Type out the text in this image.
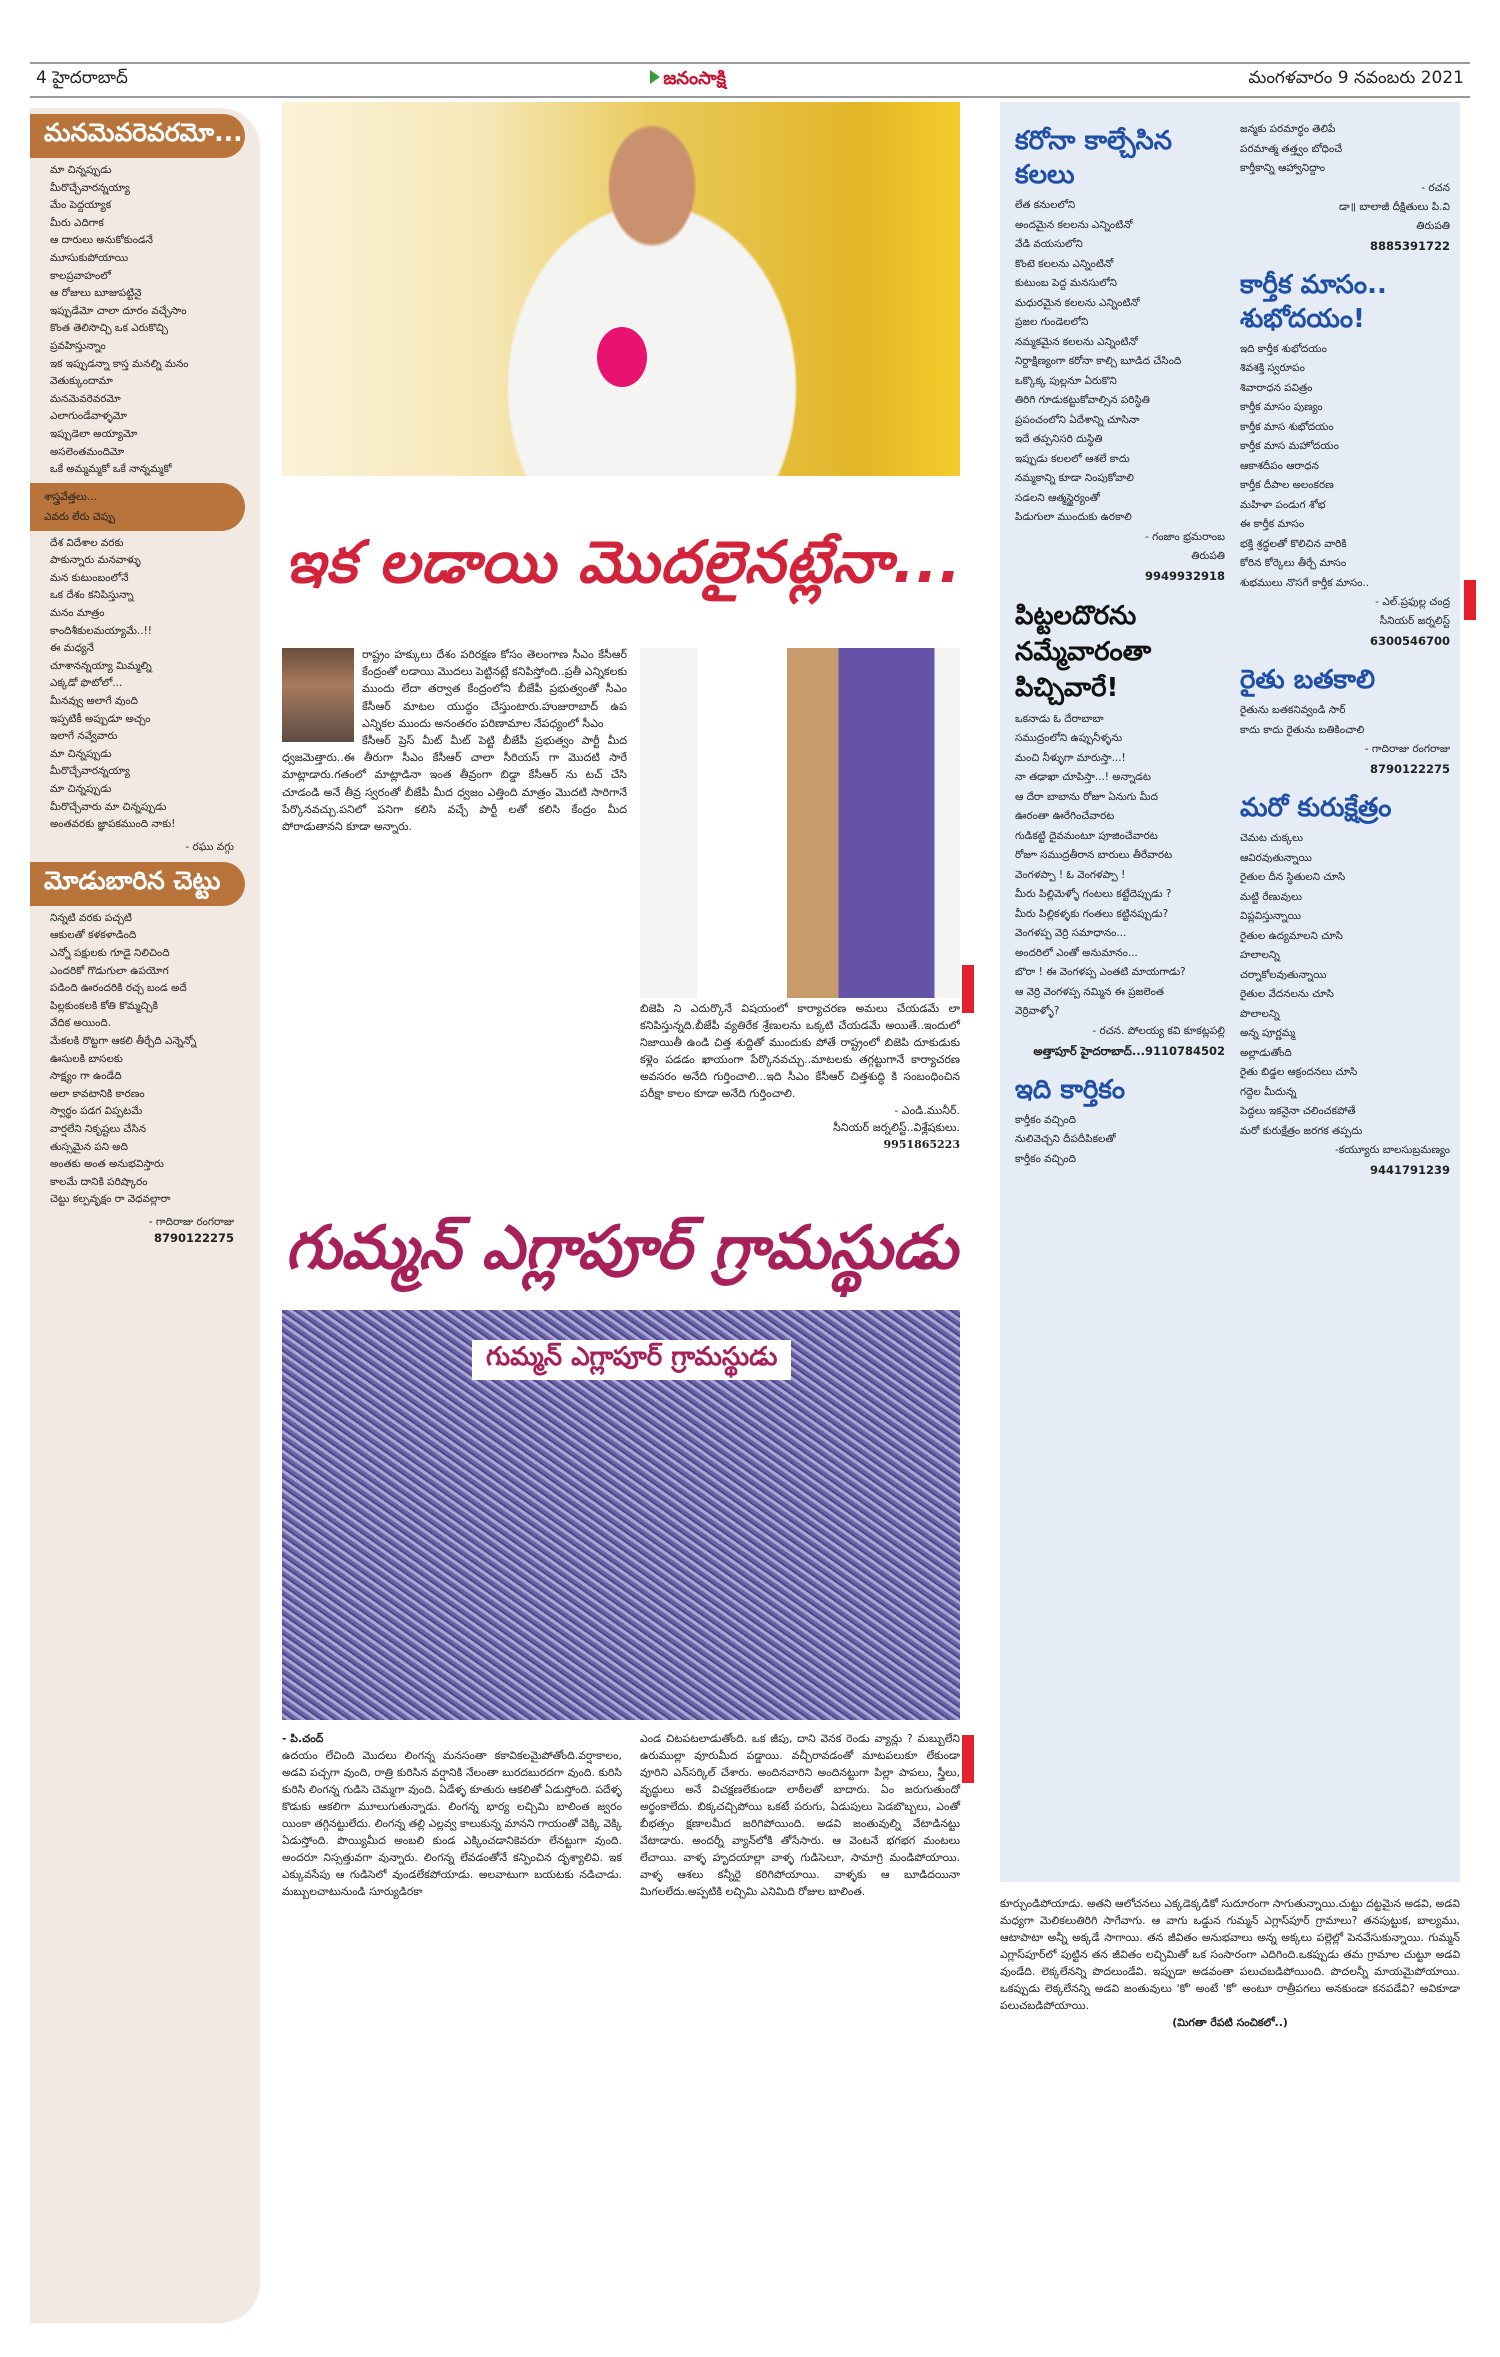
4 హైదరాబాద్	జనంసాక్షి	మంగళవారం 9 నవంబరు 2021
మనమెవరెవరమో...
మా చిన్నప్పుడు
మీరొచ్చేవారన్నయ్యా
మేం పెద్దయ్యాక
మీరు ఎదిగాక
ఆ దారులు అనుకోకుండనే
మూసుకుపోయాయి
కాలప్రవాహంలో
ఆ రోజులు బూజుపట్టినై
ఇప్పుడేమో చాలా దూరం వచ్చేసాం
కొంత తెలిసొచ్చి ఒక ఎరుకొచ్చి
ప్రవహిస్తున్నాం
ఇక ఇప్పుడన్నా కాస్త మనల్ని మనం
వెతుక్కుందామా
మనమెవరెవరమో
ఎలాగుండేవాళ్ళమో
ఇప్పుడెలా అయ్యామో
అసలెంతమందిమో
ఒకే అమ్మమ్మకో ఒకే నాన్నమ్మకో
శాస్త్రవేత్తలు...
ఎవరు లేరు చెప్పు
దేశ విదేశాల వరకు
పాకున్నారు మనవాళ్ళు
మన కుటుంబంలోనే
ఒక దేశం కనిపిస్తున్నా
మనం మాత్రం
కాందిశీకులమయ్యామే..!!
ఈ మధ్యనే
చూశానన్నయ్యా మిమ్మల్ని
ఎక్కడో ఫొటోలో...
మీనవ్వు అలాగే వుంది
ఇప్పటికీ అప్పుడూ అచ్చం
ఇలాగే నవ్వేవారు
మా చిన్నప్పుడు
మీరొచ్చేవారన్నయ్యా
మా చిన్నప్పుడు
మీరొచ్చేవారు మా చిన్నప్పుడు
అంతవరకు జ్ఞాపకముంది నాకు!
- రఘు వగ్గు
మోడుబారిన చెట్టు
నిన్నటి వరకు పచ్చటి
ఆకులతో కళకళాడింది
ఎన్నో పక్షులకు గూడై నిలిచింది
ఎందరికో గొడుగులా ఉపయోగ
పడింది ఊరందరికి రచ్చ బండ అదే
పిల్లకుంకలకి కోతి కొమ్మచ్చికి
వేదిక అయింది.
మేకలకి రొట్టగా ఆకలి తీర్చేది ఎన్నెన్నో
ఊసులకి బాసలకు
సాక్ష్యం గా ఉండేది
అలా కావటానికి కారణం
స్వార్థం పడగ విప్పటమే
వార్షలేని నికృష్టలు చేసిన
తుస్సమైన పని అది
అంతకు అంత అనుభవిస్తారు
కాలమే దానికి పరిష్కారం
చెట్టు కల్పవృక్షం రా వెధవల్లారా
- గాదిరాజు రంగరాజు
8790122275
ఇక లడాయి మొదలైనట్లేనా...

రాష్ట్రం హక్కులు దేశం పరిరక్షణ కోసం తెలంగాణ సీఎం కేసీఆర్ కేంద్రంతో లడాయి మొదలు పెట్టినట్లే కనిపిస్తోంది..ప్రతీ ఎన్నికలకు ముందు లేదా తర్వాత కేంద్రంలోని బీజేపీ ప్రభుత్వంతో సీఎం కేసీఆర్ మాటల యుద్ధం చేస్తుంటారు.హుజురాబాద్ ఉప ఎన్నికల ముందు అనంతరం పరిణామాల నేపధ్యంలో సీఎం

కేసీఆర్ ప్రెస్ మీట్ మీట్ పెట్టి బీజేపీ ప్రభుత్వం పార్టీ మీద ధ్వజమెత్తారు..ఈ తీరుగా సీఎం కేసీఆర్ చాలా సీరియస్ గా మొదటి సారే మాట్లాడారు.గతంలో మాట్లాడినా ఇంత తీవ్రంగా బిడ్డా కేసీఆర్ ను టచ్ చేసి చూడండి అనే తీవ్ర స్వరంతో బీజేపీ మీద ధ్వజం ఎత్తింది మాత్రం మొదటి సారిగానే పేర్కొనవచ్చు.పనిలో పనిగా కలిసి వచ్చే పార్టీ లతో కలిసి కేంద్రం మీద పోరాడుతానని కూడా అన్నారు.

బిజెపి ని ఎదుర్కొనే విషయంలో కార్యాచరణ అమలు చేయడమే లా కనిపిస్తున్నది.బీజేపీ వ్యతిరేక శ్రేణులను ఒక్కటి చేయడమే అయితే..ఇందులో నిజాయితీ ఉండి చిత్త శుద్దితో ముందుకు పోతే రాష్ట్రంలో బిజెపి దూకుడుకు కళ్లెం పడడం ఖాయంగా పేర్కొనవచ్చు..మాటలకు తగ్గట్టుగానే కార్యాచరణ అవసరం అనేది గుర్తించాలి...ఇది సీఎం కేసీఆర్ చిత్తశుద్ధి కి సంబంధించిన పరీక్షా కాలం కూడా అనేది గుర్తించాలి.

- ఎండి.మునీర్.
సీనియర్ జర్నలిస్ట్..విశ్లేషకులు.
9951865223
గుమ్మన్ ఎగ్లాపూర్ గ్రామస్థుడు
గుమ్మన్ ఎగ్లాపూర్ గ్రామస్థుడు
- పి.చంద్

ఉదయం లేచింది మొదలు లింగన్న మనసంతా కకావికలమైపోతోంది.వర్షాకాలం, అడవి పచ్చగా వుంది, రాత్రి కురిసిన వర్షానికి నేలంతా బురదబురదగా వుంది. కురిసి కురిసి లింగన్న గుడిసె చెమ్మగా వుంది. ఏడేళ్ళ కూతురు ఆకలితో ఏడుస్తోంది. పదేళ్ళ కొడుకు ఆకలిగా మూలుగుతున్నాడు. లింగన్న భార్య లచ్చిమి బాలింత జ్వరం యింకా తగ్గినట్టులేదు. లింగన్న తల్లి ఎల్లవ్వ కాలుకున్న మానని గాయంతో వెక్కి వెక్కి ఏడుస్తోంది. పొయ్యిమీద అంబలి కుండ ఎక్కించడానికెవరూ లేనట్టుగా వుంది. అందరూ నిస్సత్తువగా వున్నారు. లింగన్న లేవడంతోనే కన్పించిన దృశ్యాలివి. ఇక ఎక్కువసేపు ఆ గుడిసెలో వుండలేకపోయాడు. అలవాటుగా బయటకు నడిచాడు. మబ్బులచాటునుండి సూర్యుడిరకా

ఎండ చిటపటలాడుతోంది. ఒక జీపు, దాని వెనక రెండు వ్యాన్లు ? మబ్బులేని ఉరుముల్లా వూరుమీద పడ్డాయి. వచ్చీరావడంతో మాటపలుకూ లేకుండా వూరిని ఎన్‌సర్కిల్ చేశారు. అందినవారిని అందినట్టుగా పిల్లా పాపలు, స్త్రీలు, వృద్ధులు అనే విచక్షణలేకుండా లాఠీలతో బాదారు. ఏం జరుగుతుందో అర్థంకాలేదు. బిక్కచచ్చిపోయి ఒకటే పరుగు, ఏడుపులు పెడబొబ్బలు, ఎంతో బీభత్సం క్షణాలమీద జరిగిపోయింది. అడవి జంతువుల్ని వేటాడినట్టు వేటాడారు. అందర్నీ వ్యాన్‌లోకి తోసేసారు. ఆ వెంటనే భగభగ మంటలు లేచాయి. వాళ్ళ హృదయాల్లా వాళ్ళ గుడిసెలూ, సామాగ్రి మండిపోయాయి. వాళ్ళ ఆశలు కన్నీరై కరిగిపోయాయి. వాళ్ళకు ఆ బూడిదయినా మిగలలేదు.అప్పటికి లచ్చిమి ఎనిమిది రోజుల బాలింత.

కూర్చుండిపోయాడు. అతని ఆలోచనలు ఎక్కడెక్కడికో సుదూరంగా సాగుతున్నాయి.చుట్టు దట్టమైన అడవి, అడవి మధ్యగా మెలికలుతిరిగి సాగేవాగు. ఆ వాగు ఒడ్డున గుమ్మన్ ఎగ్లాస్‌పూర్ గ్రామాలు? తనపుట్టుక, బాల్యము, ఆటాపాటా అన్నీ అక్కడే సాగాయి. తన జీవితం అనుభవాలు అన్న అక్కలు పల్లెల్లో పెనవేసుకున్నాయి. గుమ్మన్ ఎగ్లాస్‌పూర్‌లో పుట్టిన తన జీవితం లచ్చిమితో ఒక సంసారంగా ఎదిగింది.ఒకప్పుడు తమ గ్రామాల చుట్టూ అడవి వుండేది. లెక్కలేనన్ని పొదలుండేవి. ఇప్పుడా అడవంతా పలుచబడిపోయింది. పొదలన్నీ మాయమైపోయాయి. ఒకప్పుడు లెక్కలేనన్ని అడవి జంతువులు 'కో' అంటే 'కో' అంటూ రాత్రీపగలు అనకుండా కనపడేవి? అవికూడా పలుచబడిపోయాయి.

(మిగతా రేపటి సంచికలో..)
కరోనా కాల్చేసిన కలలు
లేత కనులలోని
అందమైన కలలను ఎన్నింటినో
వేడి వయసులోని
కొంటె కలలను ఎన్నింటినో
కుటుంబ పెద్ద మనసులోని
మధురమైన కలలను ఎన్నింటినో
ప్రజల గుండెలలోని
నమ్మకమైన కలలను ఎన్నింటినో
నిర్దాక్షిణ్యంగా కరోనా కాల్చి బూడిద చేసింది
ఒక్కొక్క పుల్లనూ ఏరుకొని
తిరిగి గూడుకట్టుకోవాల్సిన పరిస్థితి
ప్రపంచంలోని ఏదేశాన్ని చూసినా
ఇదే తప్పనిసరి దుస్థితి
ఇప్పుడు కలలలో ఆశలే కాదు
నమ్మకాన్ని కూడా నింపుకోవాలి
సడలని ఆత్మస్థైర్యంతో
పిడుగులా ముందుకు ఉరకాలి
- గంజాం భ్రమరాంబ
తిరుపతి
9949932918
పిట్టలదొరను నమ్మేవారంతా పిచ్చివారే!
ఒకనాడు ఓ దేరాబాబా
సముద్రంలోని ఉప్పునీళ్ళను
మంచి నీళ్ళుగా మారుస్తా...!
నా తఢాఖా చూపిస్తా...! అన్నాడట
ఆ దేరా బాబాను రోజూ ఏనుగు మీద
ఊరంతా ఊరేగించేవారట
గుడికట్టి దైవమంటూ పూజించేవారట
రోజూ సముద్రతీరాన బారులు తీరేవారట
వెంగళప్పా ! ఓ వెంగళప్పా !
మీరు పిల్లిమెళ్ళో గంటలు కట్టేదెప్పుడు ?
మీరు పిల్లికళ్ళకు గంతలు కట్టినప్పుడు?
వెంగళప్ప వెర్రి సమాధానం...
అందరిలో ఎంతో అనుమానం...
బొరా ! ఈ వెంగళప్ప ఎంతటి మాయగాడు?
ఆ వెర్రి వెంగళప్ప నమ్మిన ఈ ప్రజలెంత
వెర్రివాళ్ళో?
- రచన. పోలయ్య కవి కూకట్లపల్లి
అత్తాపూర్ హైదరాబాద్...9110784502
ఇది కార్తికం
కార్తీకం వచ్చింది
నులివెచ్చని దీపదీపికలతో
కార్తీకం వచ్చింది
జన్మకు పరమార్థం తెలిపే
పరమాత్మ తత్త్వం బోధించే
కార్తీకాన్ని ఆహ్వానిద్దాం
- రచన
డా॥ బాలాజీ దీక్షితులు పి.వి
తిరుపతి
8885391722
కార్తీక మాసం.. శుభోదయం!
ఇది కార్తీక శుభోదయం
శివశక్తి స్వరూపం
శివారాధన పవిత్రం
కార్తీక మాసం పుణ్యం
కార్తీక మాస శుభోదయం
కార్తీక మాస మహోదయం
ఆకాశదీపం ఆరాధన
కార్తీక దీపాల అలంకరణ
మహిళా పండుగ శోభ
ఈ కార్తీక మాసం
భక్తి శ్రద్ధలతో కొలిచిన వారికి
కోరిన కోర్కెలు తీర్చే మాసం
శుభములు నొసగే కార్తీక మాసం..
- ఎల్.ప్రఫుల్ల చంద్ర
సీనియర్ జర్నలిస్ట్
6300546700
రైతు బతకాలి
రైతును బతకనివ్వండి సార్
కాదు కాదు రైతును బతికించాలి
- గాదిరాజు రంగరాజు
8790122275
మరో కురుక్షేత్రం
చెమట చుక్కలు
ఆవిరవుతున్నాయి
రైతుల దీన స్థితులని చూసి
మట్టి రేణువులు
విప్లవిస్తున్నాయి
రైతుల ఉద్యమాలని చూసి
హలాలన్ని
చర్నాకోలవుతున్నాయి
రైతుల వేదనలను చూసి
పొలాలన్ని
అన్న పూర్ణమ్మ
అల్లాడుతోంది
రైతు బిడ్డల ఆక్రందనలు చూసి
గద్దెల మీదున్న
పెద్దలు ఇకనైనా చలించకపోతే
మరో కురుక్షేత్రం జరగక తప్పదు
-కయ్యూరు బాలసుబ్రమణ్యం
9441791239
